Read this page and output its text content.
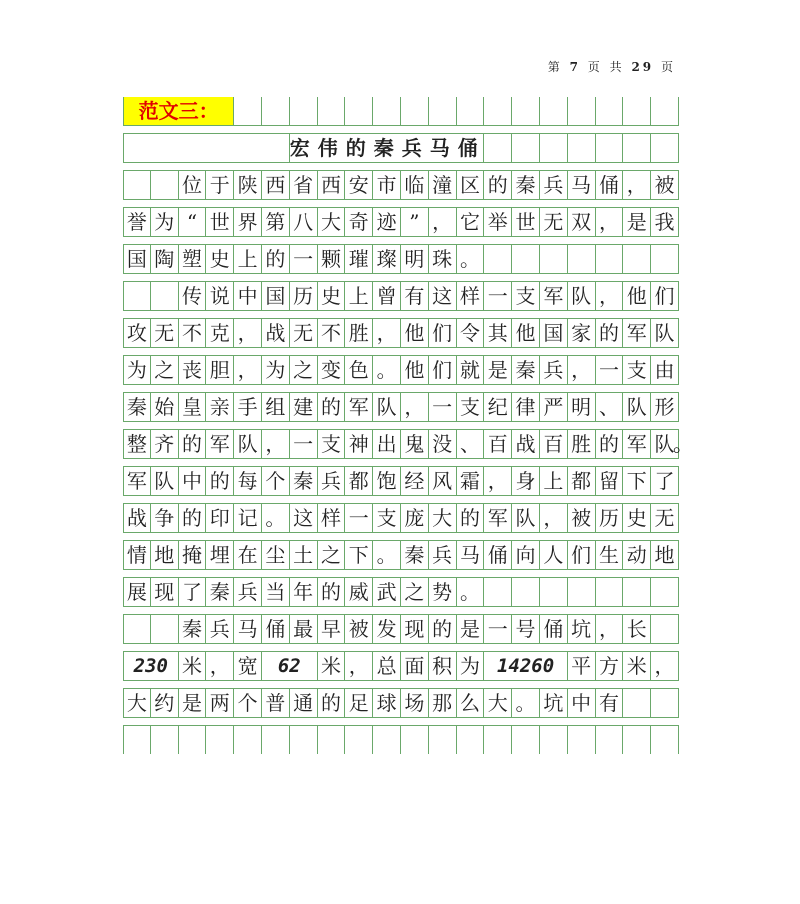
第 7 页 共 29 页
范文三：
宏伟的秦兵马俑
位 于 陕 西 省 西 安 市 临 潼 区 的 秦 兵 马 俑 ， 被
誉 为 “ 世 界 第 八 大 奇 迹 ” ， 它 举 世 无 双 ， 是 我
国 陶 塑 史 上 的 一 颗 璀 璨 明 珠 。
传 说 中 国 历 史 上 曾 有 这 样 一 支 军 队 ， 他 们
攻 无 不 克 ， 战 无 不 胜 ， 他 们 令 其 他 国 家 的 军 队
为 之 丧 胆 ， 为 之 变 色 。 他 们 就 是 秦 兵 ， 一 支 由
秦 始 皇 亲 手 组 建 的 军 队 ， 一 支 纪 律 严 明 、 队 形
整 齐 的 军 队 ， 一 支 神 出 鬼 没 、 百 战 百 胜 的 军 队
。
军 队 中 的 每 个 秦 兵 都 饱 经 风 霜 ， 身 上 都 留 下 了
战 争 的 印 记 。 这 样 一 支 庞 大 的 军 队 ， 被 历 史 无
情 地 掩 埋 在 尘 土 之 下 。 秦 兵 马 俑 向 人 们 生 动 地
展 现 了 秦 兵 当 年 的 威 武 之 势 。
秦 兵 马 俑 最 早 被 发 现 的 是 一 号 俑 坑 ， 长
230 米 ， 宽	62	米 ， 总 面 积 为 14260 平 方 米 ，
大 约 是 两 个 普 通 的 足 球 场 那 么 大 。 坑 中 有
